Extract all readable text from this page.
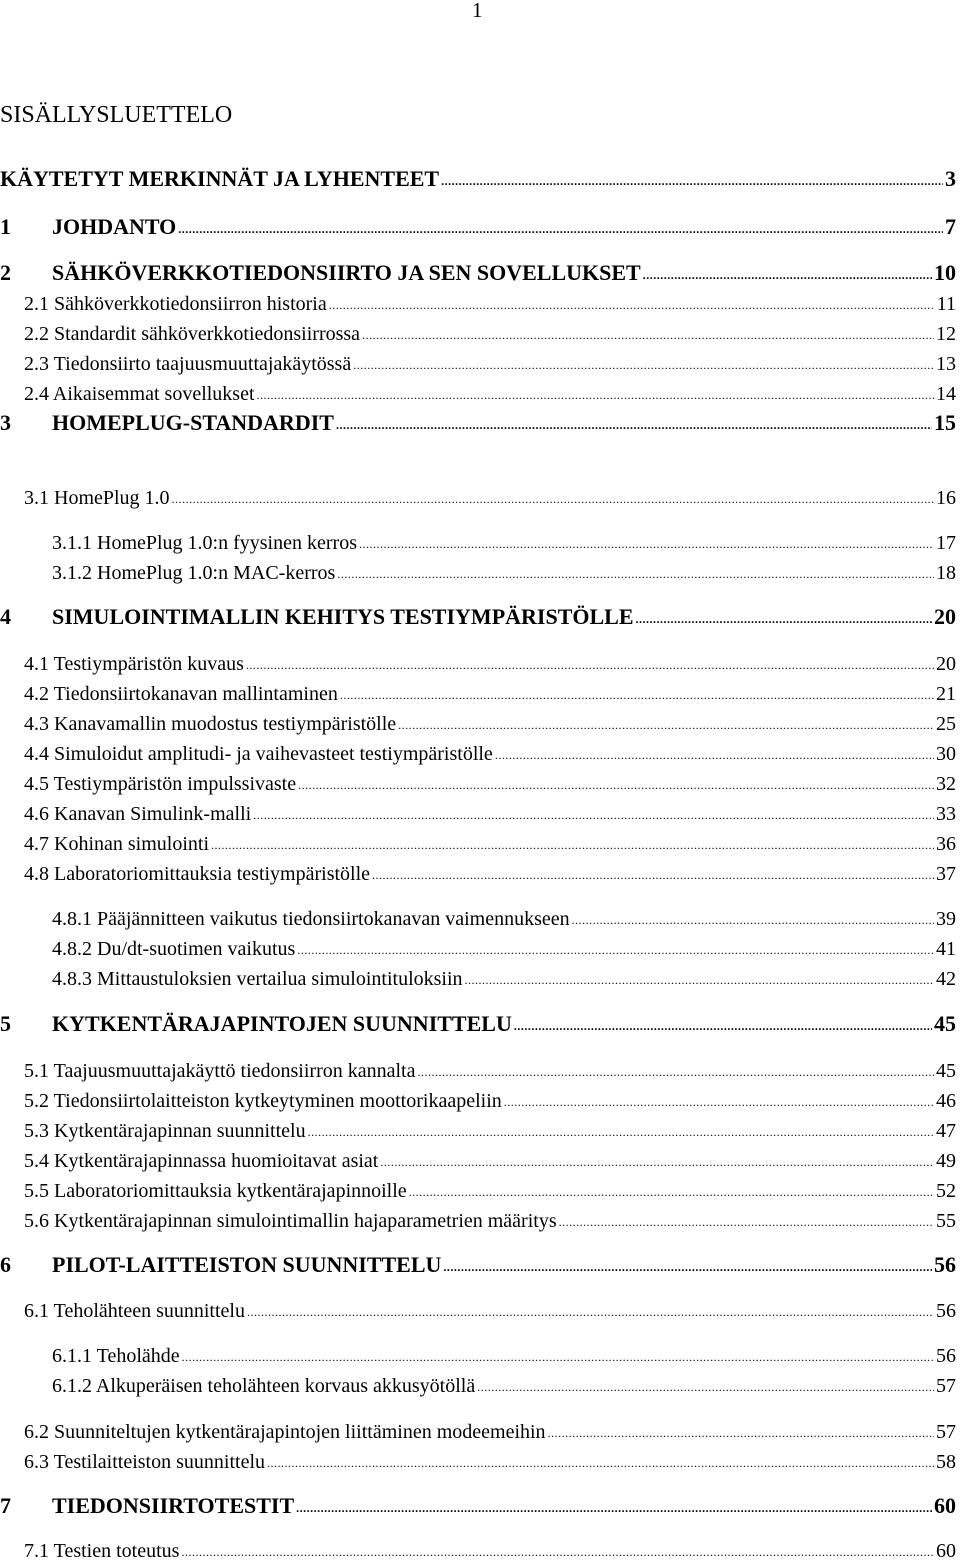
1
SISÄLLYSLUETTELO
KÄYTETYT MERKINNÄT JA LYHENTEET .....	3
1	JOHDANTO .....	7
2	SÄHKÖVERKKOTIEDONSIIRTO JA SEN SOVELLUKSET .....	10
2.1 Sähköverkkotiedonsiirron historia .....	11
2.2 Standardit sähköverkkotiedonsiirrossa .....	12
2.3 Tiedonsiirto taajuusmuuttajakäytössä .....	13
2.4 Aikaisemmat sovellukset .....	14
3	HOMEPLUG-STANDARDIT .....	15
3.1 HomePlug 1.0 .....	16
3.1.1 HomePlug 1.0:n fyysinen kerros .....	17
3.1.2 HomePlug 1.0:n MAC-kerros .....	18
4	SIMULOINTIMALLIN KEHITYS TESTIYMPÄRISTÖLLE .....	20
4.1 Testiympäristön kuvaus .....	20
4.2 Tiedonsiirtokanavan mallintaminen .....	21
4.3 Kanavamallin muodostus testiympäristölle .....	25
4.4 Simuloidut amplitudi- ja vaihevasteet testiympäristölle .....	30
4.5 Testiympäristön impulssivaste .....	32
4.6 Kanavan Simulink-malli .....	33
4.7 Kohinan simulointi .....	36
4.8 Laboratoriomittauksia testiympäristölle .....	37
4.8.1 Pääjännitteen vaikutus tiedonsiirtokanavan vaimennukseen .....	39
4.8.2 Du/dt-suotimen vaikutus .....	41
4.8.3 Mittaustuloksien vertailua simulointituloksiin .....	42
5	KYTKENTÄRAJAPINTOJEN SUUNNITTELU .....	45
5.1 Taajuusmuuttajakäyttö tiedonsiirron kannalta .....	45
5.2 Tiedonsiirtolaitteiston kytkeytyminen moottorikaapeliin .....	46
5.3 Kytkentärajapinnan suunnittelu .....	47
5.4 Kytkentärajapinnassa huomioitavat asiat .....	49
5.5 Laboratoriomittauksia kytkentärajapinnoille .....	52
5.6 Kytkentärajapinnan simulointimallin hajaparametrien määritys .....	55
6	PILOT-LAITTEISTON SUUNNITTELU .....	56
6.1 Teholähteen suunnittelu .....	56
6.1.1 Teholähde .....	56
6.1.2 Alkuperäisen teholähteen korvaus akkusyötöllä .....	57
6.2 Suunniteltujen kytkentärajapintojen liittäminen modeemeihin .....	57
6.3 Testilaitteiston suunnittelu .....	58
7	TIEDONSIIRTOTESTIT .....	60
7.1 Testien toteutus .....	60
